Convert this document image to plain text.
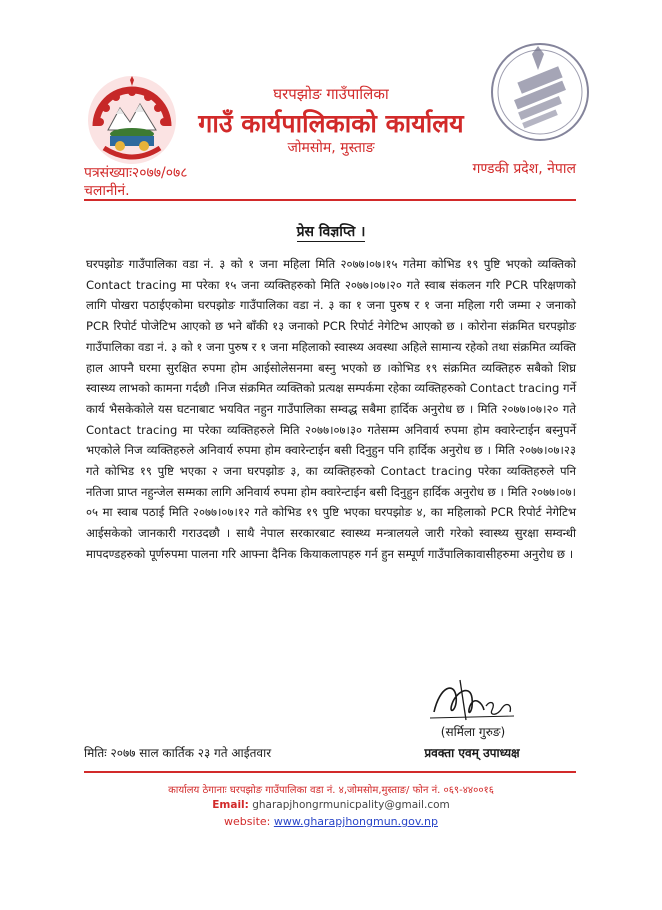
घरपझोङ गाउँपालिका
गाउँ कार्यपालिकाको कार्यालय
जोमसोम, मुस्ताङ
पत्रसंख्याः२०७७/०७८	गण्डकी प्रदेश, नेपाल
चलानीनं.
प्रेस विज्ञप्ति ।
घरपझोङ गाउँपालिका वडा नं. ३ को १ जना महिला मिति २०७७।०७।१५ गतेमा कोभिड १९ पुष्टि भएको व्यक्तिको Contact tracing मा परेका १५ जना व्यक्तिहरुको मिति २०७७।०७।२० गते स्वाब संकलन गरि PCR परिक्षणको लागि पोखरा पठाईएकोमा घरपझोङ गाउँपालिका वडा नं. ३ का १ जना पुरुष र १ जना महिला गरी जम्मा २ जनाको PCR रिपोर्ट पोजेटिभ आएको छ भने बाँकी १३ जनाको PCR रिपोर्ट नेगेटिभ आएको छ । कोरोना संक्रमित घरपझोङ गाउँपालिका वडा नं. ३ को १ जना पुरुष र १ जना महिलाको स्वास्थ्य अवस्था अहिले सामान्य रहेको तथा संक्रमित व्यक्ति हाल आफ्नै घरमा सुरक्षित रुपमा होम आईसोलेसनमा बस्नु भएको छ ।कोभिड १९ संक्रमित व्यक्तिहरु सबैको शिघ्र स्वास्थ्य लाभको कामना गर्दछौ ।निज संक्रमित व्यक्तिको प्रत्यक्ष सम्पर्कमा रहेका व्यक्तिहरुको Contact tracing गर्ने कार्य भैसकेकोले यस घटनाबाट भयवित नहुन गाउँपालिका सम्वद्ध सबैमा हार्दिक अनुरोध छ । मिति २०७७।०७।२० गते Contact tracing मा परेका व्यक्तिहरुले मिति २०७७।०७।३० गतेसम्म अनिवार्य रुपमा होम क्वारेन्टाईन बस्नुपर्ने भएकोले निज व्यक्तिहरुले अनिवार्य रुपमा होम क्वारेन्टाईन बसी दिनुहुन पनि हार्दिक अनुरोध छ । मिति २०७७।०७।२३ गते कोभिड १९ पुष्टि भएका २ जना घरपझोङ ३, का व्यक्तिहरुको Contact tracing परेका व्यक्तिहरुले पनि नतिजा प्राप्त नहुन्जेल सम्मका लागि अनिवार्य रुपमा होम क्वारेन्टाईन बसी दिनुहुन हार्दिक अनुरोध छ । मिति २०७७।०७।०५ मा स्वाब पठाई मिति २०७७।०७।१२ गते कोभिड १९ पुष्टि भएका घरपझोङ ४, का महिलाको PCR रिपोर्ट नेगेटिभ आईसकेको जानकारी गराउदछौ । साथै नेपाल सरकारबाट स्वास्थ्य मन्त्रालयले जारी गरेको स्वास्थ्य सुरक्षा सम्वन्धी मापदण्डहरुको पूर्णरुपमा पालना गरि आफ्ना दैनिक कियाकलापहरु गर्न हुन सम्पूर्ण गाउँपालिकावासीहरुमा अनुरोध छ ।
(सर्मिला गुरुङ)
मितिः २०७७ साल कार्तिक २३ गते आईतवार	प्रवक्ता एवम् उपाध्यक्ष
कार्यालय ठेगानाः घरपझोङ गाउँपालिका वडा नं. ४,जोमसोम,मुस्ताङ/ फोन नं. ०६९-४४००१६
Email: gharapjhongrmunicpality@gmail.com
website: www.gharapjhongmun.gov.np
